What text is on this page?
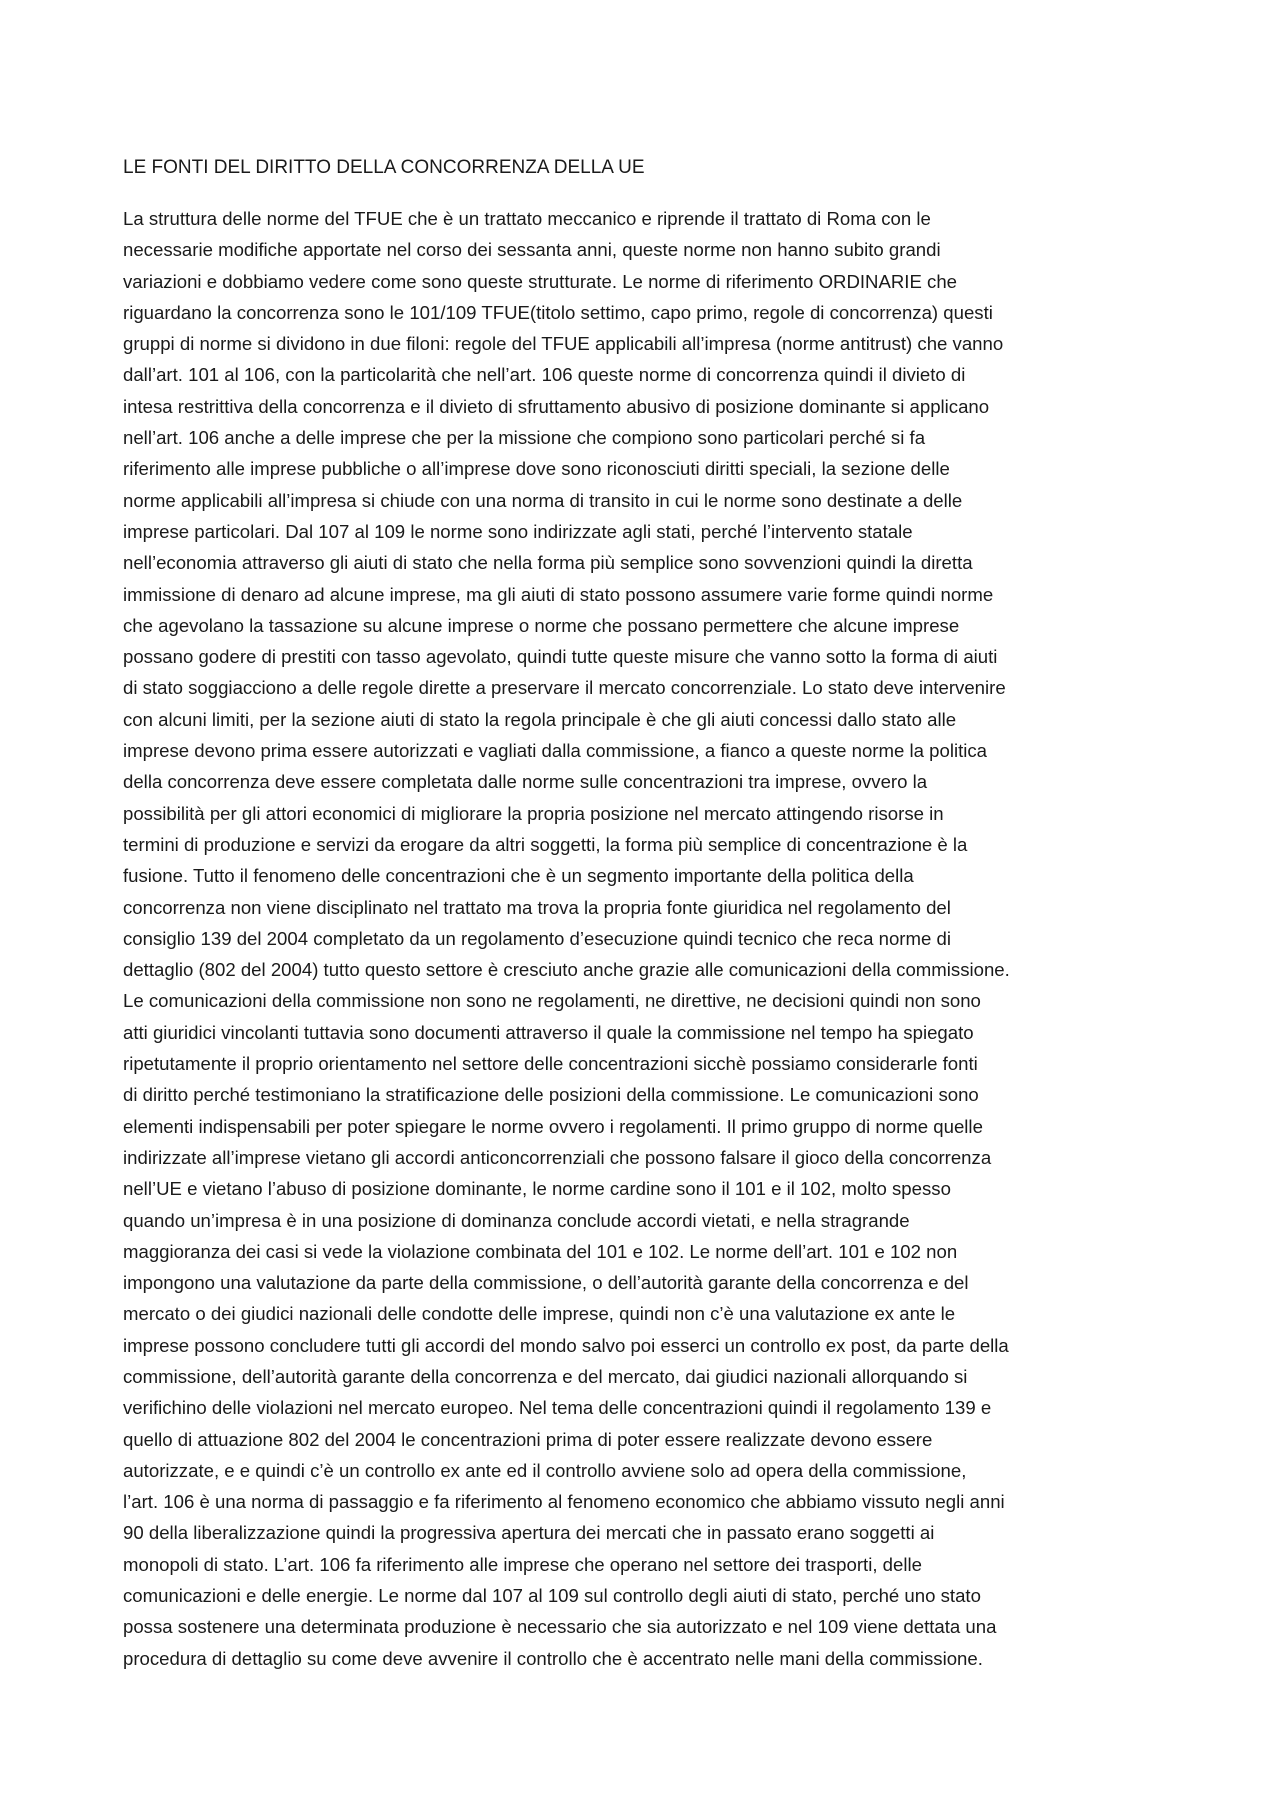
LE FONTI DEL DIRITTO DELLA CONCORRENZA DELLA UE
La struttura delle norme del TFUE che è un trattato meccanico e riprende il trattato di Roma con le
necessarie modifiche apportate nel corso dei sessanta anni, queste norme non hanno subito grandi
variazioni e dobbiamo vedere come sono queste strutturate. Le norme di riferimento ORDINARIE che
riguardano la concorrenza sono le 101/109 TFUE(titolo settimo, capo primo, regole di concorrenza) questi
gruppi di norme si dividono in due filoni: regole del TFUE applicabili all’impresa (norme antitrust) che vanno
dall’art. 101 al 106, con la particolarità che nell’art. 106 queste norme di concorrenza quindi il divieto di
intesa restrittiva della concorrenza e il divieto di sfruttamento abusivo di posizione dominante si applicano
nell’art. 106 anche a delle imprese che per la missione che compiono sono particolari perché si fa
riferimento alle imprese pubbliche o all’imprese dove sono riconosciuti diritti speciali, la sezione delle
norme applicabili all’impresa si chiude con una norma di transito in cui le norme sono destinate a delle
imprese particolari. Dal 107 al 109 le norme sono indirizzate agli stati, perché l’intervento statale
nell’economia attraverso gli aiuti di stato che nella forma più semplice sono sovvenzioni quindi la diretta
immissione di denaro ad alcune imprese, ma gli aiuti di stato possono assumere varie forme quindi norme
che agevolano la tassazione su alcune imprese o norme che possano permettere che alcune imprese
possano godere di prestiti con tasso agevolato, quindi tutte queste misure che vanno sotto la forma di aiuti
di stato soggiacciono a delle regole dirette a preservare il mercato concorrenziale. Lo stato deve intervenire
con alcuni limiti, per la sezione aiuti di stato la regola principale è che gli aiuti concessi dallo stato alle
imprese devono prima essere autorizzati e vagliati dalla commissione, a fianco a queste norme la politica
della concorrenza deve essere completata dalle norme sulle concentrazioni tra imprese, ovvero la
possibilità per gli attori economici di migliorare la propria posizione nel mercato attingendo risorse in
termini di produzione e servizi da erogare da altri soggetti, la forma più semplice di concentrazione è la
fusione. Tutto il fenomeno delle concentrazioni che è un segmento importante della politica della
concorrenza non viene disciplinato nel trattato ma trova la propria fonte giuridica nel regolamento del
consiglio 139 del 2004 completato da un regolamento d’esecuzione quindi tecnico che reca norme di
dettaglio (802 del 2004) tutto questo settore è cresciuto anche grazie alle comunicazioni della commissione.
Le comunicazioni della commissione non sono ne regolamenti, ne direttive, ne decisioni quindi non sono
atti giuridici vincolanti tuttavia sono documenti attraverso il quale la commissione nel tempo ha spiegato
ripetutamente il proprio orientamento nel settore delle concentrazioni sicchè possiamo considerarle fonti
di diritto perché testimoniano la stratificazione delle posizioni della commissione. Le comunicazioni sono
elementi indispensabili per poter spiegare le norme ovvero i regolamenti. Il primo gruppo di norme quelle
indirizzate all’imprese vietano gli accordi anticoncorrenziali che possono falsare il gioco della concorrenza
nell’UE e vietano l’abuso di posizione dominante, le norme cardine sono il 101 e il 102, molto spesso
quando un’impresa è in una posizione di dominanza conclude accordi vietati, e nella stragrande
maggioranza dei casi si vede la violazione combinata del 101 e 102. Le norme dell’art. 101 e 102 non
impongono una valutazione da parte della commissione, o dell’autorità garante della concorrenza e del
mercato o dei giudici nazionali delle condotte delle imprese, quindi non c’è una valutazione ex ante le
imprese possono concludere tutti gli accordi del mondo salvo poi esserci un controllo ex post, da parte della
commissione, dell’autorità garante della concorrenza e del mercato, dai giudici nazionali allorquando si
verifichino delle violazioni nel mercato europeo. Nel tema delle concentrazioni quindi il regolamento 139 e
quello di attuazione 802 del 2004 le concentrazioni prima di poter essere realizzate devono essere
autorizzate, e e quindi c’è un controllo ex ante ed il controllo avviene solo ad opera della commissione,
l’art. 106 è una norma di passaggio e fa riferimento al fenomeno economico che abbiamo vissuto negli anni
90 della liberalizzazione quindi la progressiva apertura dei mercati che in passato erano soggetti ai
monopoli di stato. L’art. 106 fa riferimento alle imprese che operano nel settore dei trasporti, delle
comunicazioni e delle energie. Le norme dal 107 al 109 sul controllo degli aiuti di stato, perché uno stato
possa sostenere una determinata produzione è necessario che sia autorizzato e nel 109 viene dettata una
procedura di dettaglio su come deve avvenire il controllo che è accentrato nelle mani della commissione.
